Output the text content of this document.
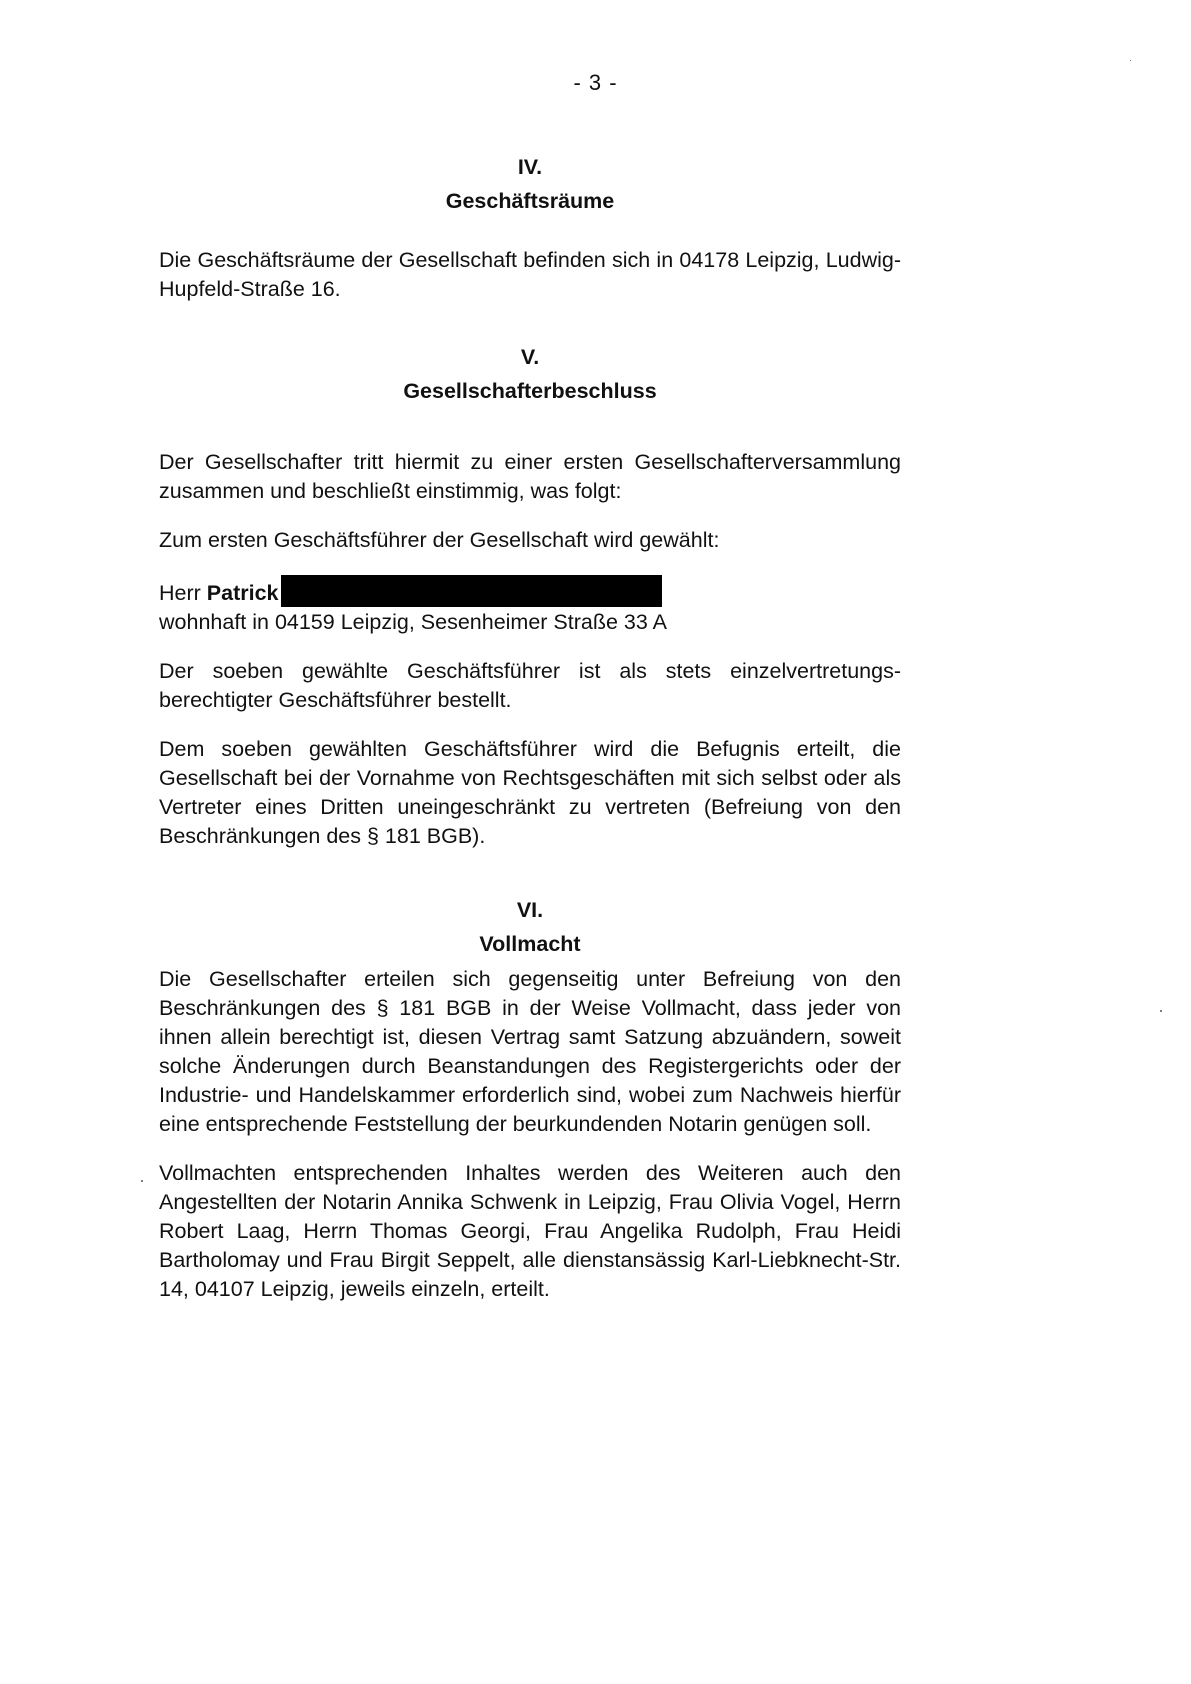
- 3 -
IV.
Geschäftsräume

Die Geschäftsräume der Gesellschaft befinden sich in 04178 Leipzig, Ludwig-Hupfeld-Straße 16.

V.
Gesellschafterbeschluss

Der Gesellschafter tritt hiermit zu einer ersten Gesellschafterversammlung zusammen und beschließt einstimmig, was folgt:

Zum ersten Geschäftsführer der Gesellschaft wird gewählt:

Herr Patrick
wohnhaft in 04159 Leipzig, Sesenheimer Straße 33 A

Der soeben gewählte Geschäftsführer ist als stets einzelvertretungsberechtigter Geschäftsführer bestellt.

Dem soeben gewählten Geschäftsführer wird die Befugnis erteilt, die Gesellschaft bei der Vornahme von Rechtsgeschäften mit sich selbst oder als Vertreter eines Dritten uneingeschränkt zu vertreten (Befreiung von den Beschränkungen des § 181 BGB).

VI.
Vollmacht

Die Gesellschafter erteilen sich gegenseitig unter Befreiung von den Beschränkungen des § 181 BGB in der Weise Vollmacht, dass jeder von ihnen allein berechtigt ist, diesen Vertrag samt Satzung abzuändern, soweit solche Änderungen durch Beanstandungen des Registergerichts oder der Industrie- und Handelskammer erforderlich sind, wobei zum Nachweis hierfür eine entsprechende Feststellung der beurkundenden Notarin genügen soll.

Vollmachten entsprechenden Inhaltes werden des Weiteren auch den Angestellten der Notarin Annika Schwenk in Leipzig, Frau Olivia Vogel, Herrn Robert Laag, Herrn Thomas Georgi, Frau Angelika Rudolph, Frau Heidi Bartholomay und Frau Birgit Seppelt, alle dienstansässig Karl-Liebknecht-Str. 14, 04107 Leipzig, jeweils einzeln, erteilt.
